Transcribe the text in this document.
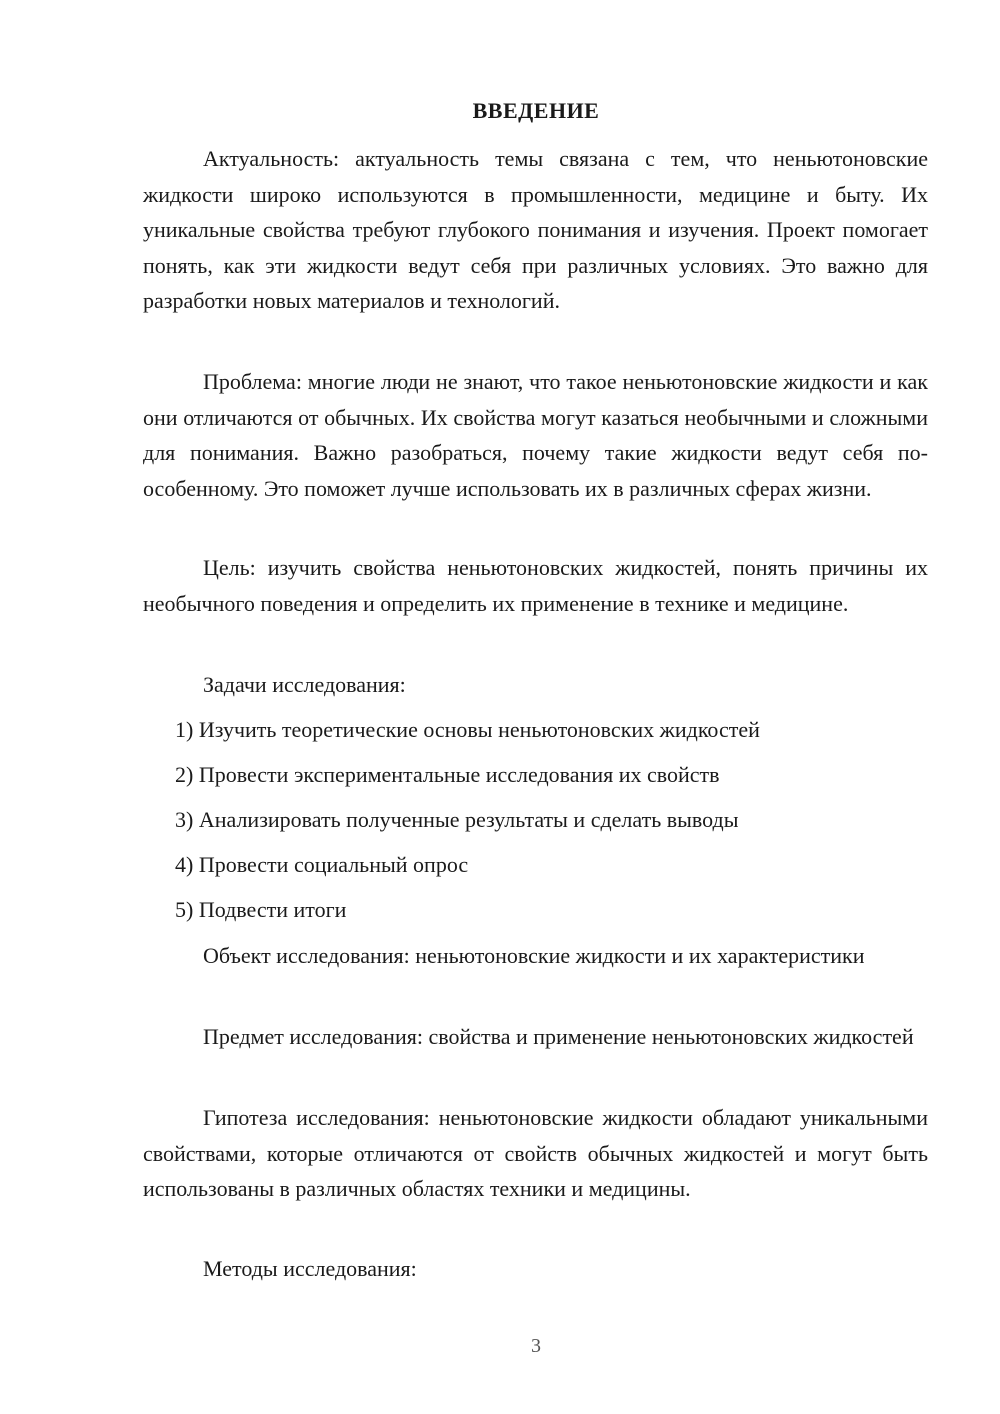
ВВЕДЕНИЕ

Актуальность: актуальность темы связана с тем, что неньютоновские жидкости широко используются в промышленности, медицине и быту. Их уникальные свойства требуют глубокого понимания и изучения. Проект помогает понять, как эти жидкости ведут себя при различных условиях. Это важно для разработки новых материалов и технологий.

Проблема: многие люди не знают, что такое неньютоновские жидкости и как они отличаются от обычных. Их свойства могут казаться необычными и сложными для понимания. Важно разобраться, почему такие жидкости ведут себя по-особенному. Это поможет лучше использовать их в различных сферах жизни.

Цель: изучить свойства неньютоновских жидкостей, понять причины их необычного поведения и определить их применение в технике и медицине.

Задачи исследования:

1) Изучить теоретические основы неньютоновских жидкостей

2) Провести экспериментальные исследования их свойств

3) Анализировать полученные результаты и сделать выводы

4) Провести социальный опрос

5) Подвести итоги

Объект исследования: неньютоновские жидкости и их характеристики

Предмет исследования: свойства и применение неньютоновских жидкостей

Гипотеза исследования: неньютоновские жидкости обладают уникальными свойствами, которые отличаются от свойств обычных жидкостей и могут быть использованы в различных областях техники и медицины.

Методы исследования:

3
